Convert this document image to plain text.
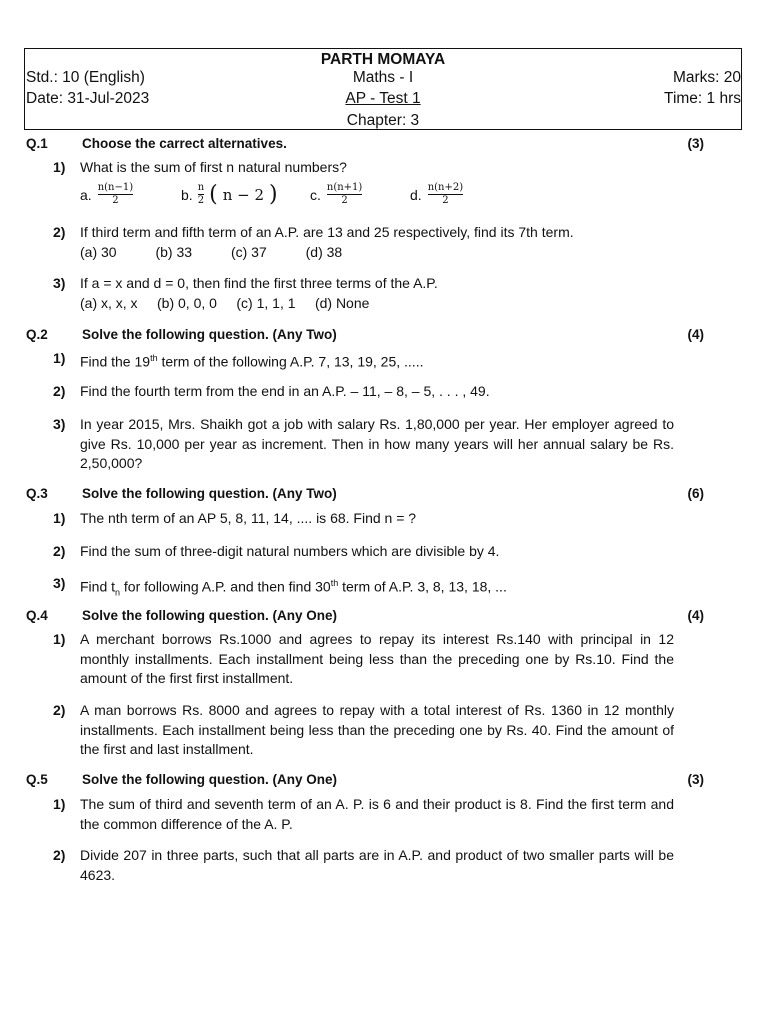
PARTH MOMAYA
Std.: 10 (English)	Maths - I	Marks: 20
Date: 31-Jul-2023	AP - Test 1	Time: 1 hrs
Chapter: 3
Q.1	Choose the carrect alternatives.	(3)
1) What is the sum of first n natural numbers?
a. $\frac{n(n-1)}{2}$	b. $\frac{n}{2}$ ( n − 2 ) c. $\frac{n(n+1)}{2}$	d. $\frac{n(n+2)}{2}$
2) If third term and fifth term of an A.P. are 13 and 25 respectively, find its 7th term.
(a) 30          (b) 33          (c) 37          (d) 38
3) If a = x and d = 0, then find the first three terms of the A.P.
(a) x, x, x     (b) 0, 0, 0     (c) 1, 1, 1     (d) None
Q.2	Solve the following question. (Any Two)	(4)
1) Find the 19th term of the following A.P. 7, 13, 19, 25, .....
2) Find the fourth term from the end in an A.P. – 11, – 8, – 5, . . . , 49.
3) In year 2015, Mrs. Shaikh got a job with salary Rs. 1,80,000 per year. Her employer agreed to give Rs. 10,000 per year as increment. Then in how many years will her annual salary be Rs. 2,50,000?
Q.3	Solve the following question. (Any Two)	(6)
1) The nth term of an AP 5, 8, 11, 14, .... is 68. Find n = ?
2) Find the sum of three-digit natural numbers which are divisible by 4.
3) Find $t_n$ for following A.P. and then find 30th term of A.P. 3, 8, 13, 18, ...
Q.4	Solve the following question. (Any One)	(4)
1) A merchant borrows Rs.1000 and agrees to repay its interest Rs.140 with principal in 12 monthly installments. Each installment being less than the preceding one by Rs.10. Find the amount of the first first installment.
2) A man borrows Rs. 8000 and agrees to repay with a total interest of Rs. 1360 in 12 monthly installments. Each installment being less than the preceding one by Rs. 40. Find the amount of the first and last installment.
Q.5	Solve the following question. (Any One)	(3)
1) The sum of third and seventh term of an A. P. is 6 and their product is 8. Find the first term and the common difference of the A. P.
2) Divide 207 in three parts, such that all parts are in A.P. and product of two smaller parts will be 4623.
